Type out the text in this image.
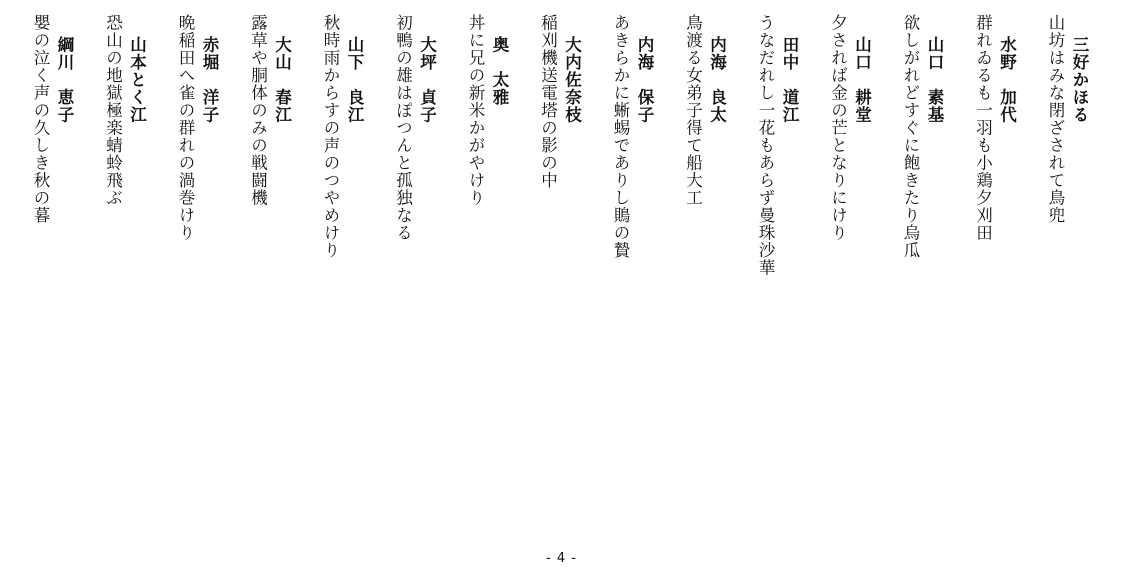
三好かほる
山坊はみな閉ざされて鳥兜
水野　加代
群れゐるも一羽も小鶏夕刈田
山口　素基
欲しがれどすぐに飽きたり烏瓜
山口　耕堂
夕されば金の芒となりにけり
田中　道江
うなだれし一花もあらず曼珠沙華
内海　良太
鳥渡る女弟子得て船大工
内海　保子
あきらかに蜥蜴でありし鵙の贄
大内佐奈枝
稲刈機送電塔の影の中
奥　太雅
丼に兄の新米かがやけり
大坪　貞子
初鴨の雄はぽつんと孤独なる
山下　良江
秋時雨からすの声のつやめけり
大山　春江
露草や胴体のみの戦闘機
赤堀　洋子
晩稲田へ雀の群れの渦巻けり
山本とく江
恐山の地獄極楽蜻蛉飛ぶ
綱川　恵子
嬰の泣く声の久しき秋の暮
- 4 -
